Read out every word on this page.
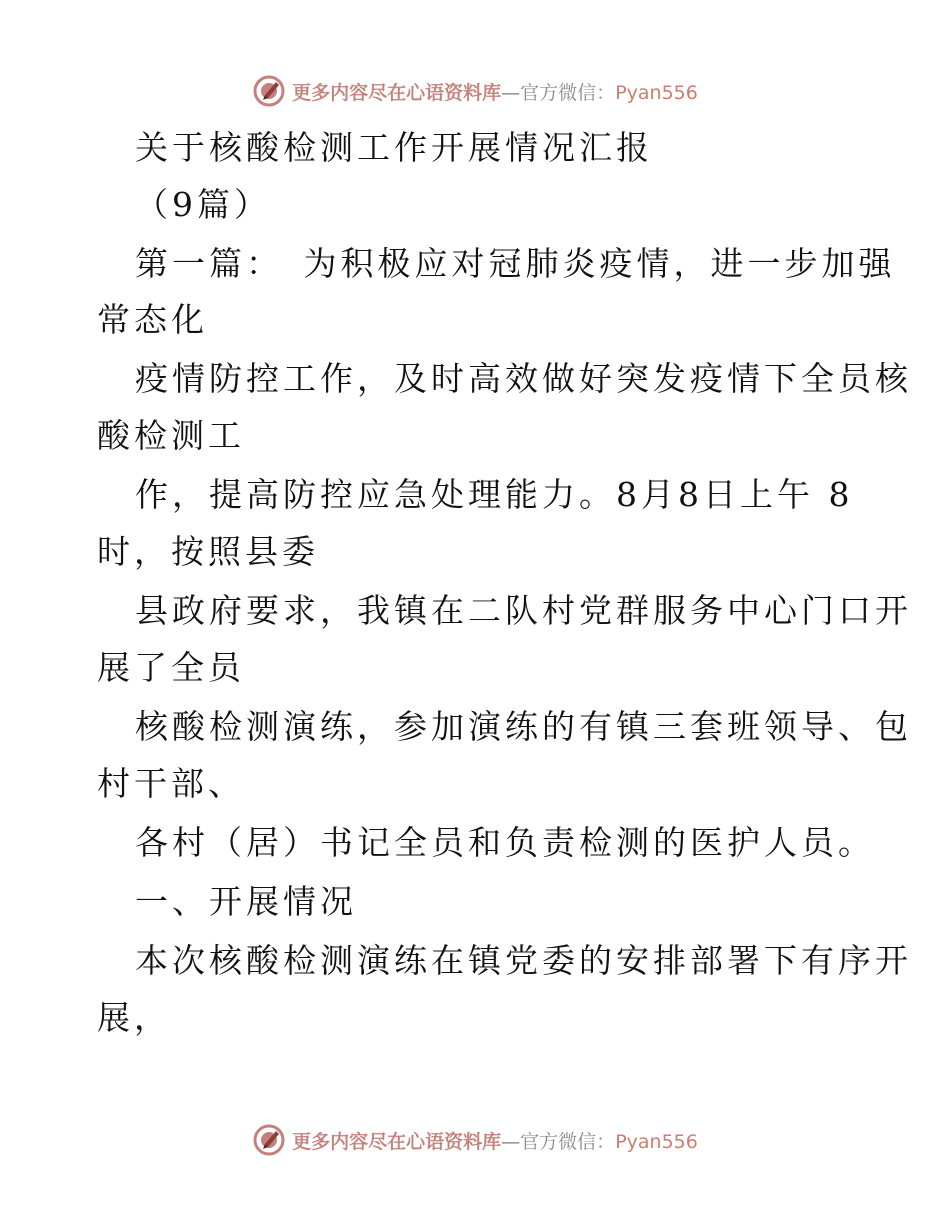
更多内容尽在心语资料库—官方微信：Pyan556
关于核酸检测工作开展情况汇报
（9篇）
第一篇：　为积极应对冠肺炎疫情，进一步加强
常态化
疫情防控工作，及时高效做好突发疫情下全员核
酸检测工
作，提高防控应急处理能力。8月8日上午 8
时，按照县委
县政府要求，我镇在二队村党群服务中心门口开
展了全员
核酸检测演练，参加演练的有镇三套班领导、包
村干部、
各村（居）书记全员和负责检测的医护人员。
一、开展情况
本次核酸检测演练在镇党委的安排部署下有序开
展，
更多内容尽在心语资料库—官方微信：Pyan556
